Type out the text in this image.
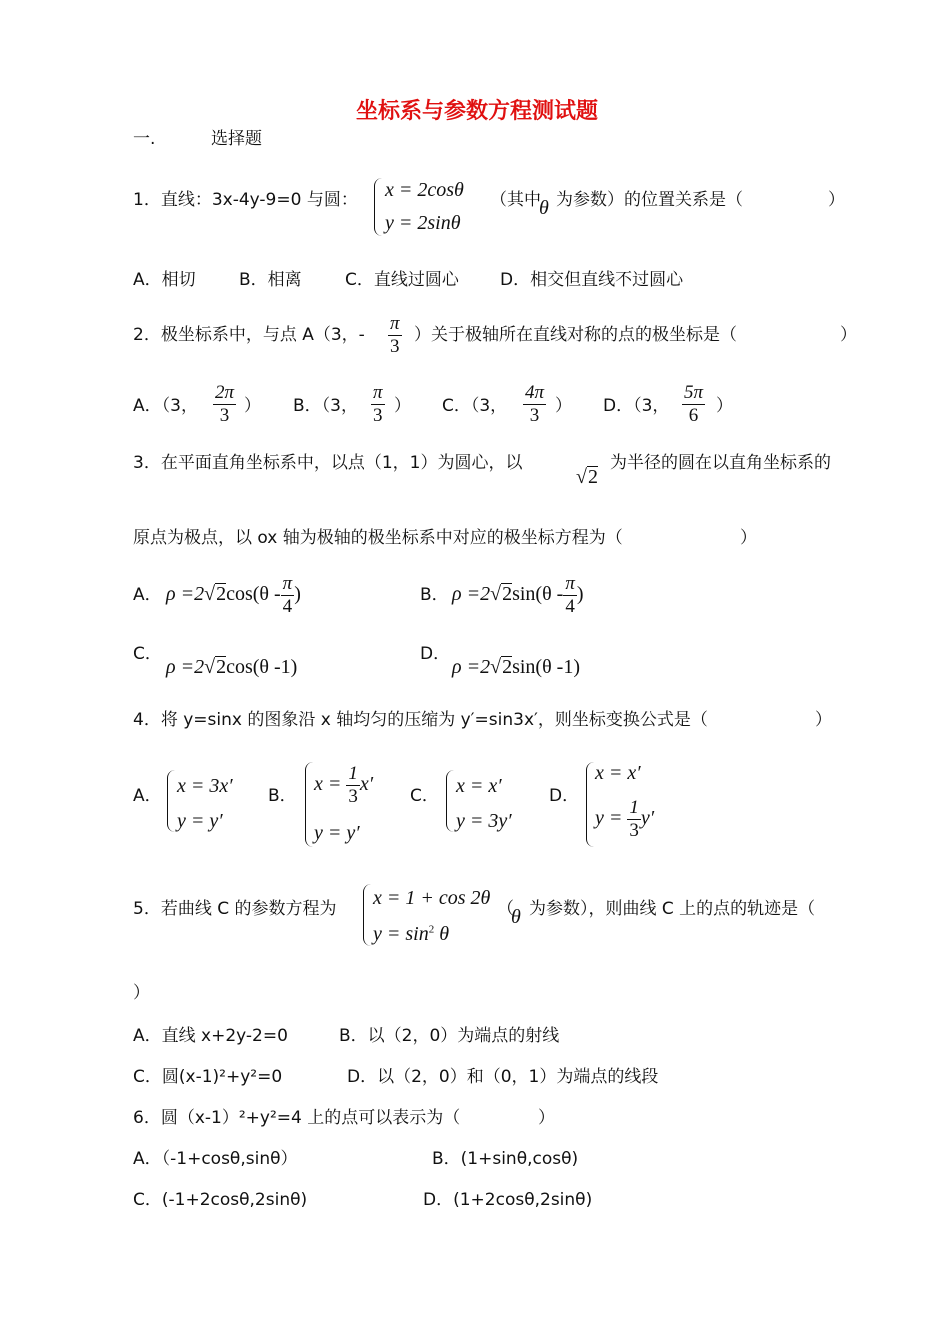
坐标系与参数方程测试题
一.	选择题
1．直线：3x-4y-9=0 与圆： x = 2cosθ
y = 2sinθ
（其中
θ 为参数）的位置关系是（	）
A．相切	B．相离	C．直线过圆心 D．相交但直线不过圆心
2．极坐标系中，与点 A（3，- $\frac{\pi}{3}$ ）关于极轴所在直线对称的点的极坐标是（	）
A．（3， $\frac{2\pi}{3}$ ） B．（3， $\frac{\pi}{3}$ ） C．（3， $\frac{4\pi}{3}$ ） D．（3， $\frac{5\pi}{6}$ ）
3．在平面直角坐标系中，以点（1，1）为圆心，以
√2
为半径的圆在以直角坐标系的
原点为极点，以 ox 轴为极轴的极坐标系中对应的极坐标方程为（	）
A． $\rho =2√2\cos(\theta - \frac{\pi}{4}$ )	B． $\rho =2√2\sin(\theta - \frac{\pi}{4}$ )
C．
ρ =2√2cos(θ -1)
D．
ρ =2√2sin(θ -1)
4．将 y=sinx 的图象沿 x 轴均匀的压缩为 y′=sin3x′，则坐标变换公式是（	）
A． x = 3x′
y = y′
B．
$x = \frac{1}{3} x'$
y = y′
C． x = x′
y = 3y′
D．
x = x′
$y = \frac{1}{3} y'$
5．若曲线 C 的参数方程为 x = 1 + cos 2θ
$y = \sin^2 \theta$
（
θ 为参数），则曲线 C 上的点的轨迹是（
）
A．直线 x+2y-2=0	B．以（2，0）为端点的射线
C．圆(x-1)²+y²=0	D．以（2，0）和（0，1）为端点的线段
6．圆（x-1）²+y²=4 上的点可以表示为（	）
A．（-1+cosθ,sinθ）	B．(1+sinθ,cosθ)
C．(-1+2cosθ,2sinθ)	D．(1+2cosθ,2sinθ)
